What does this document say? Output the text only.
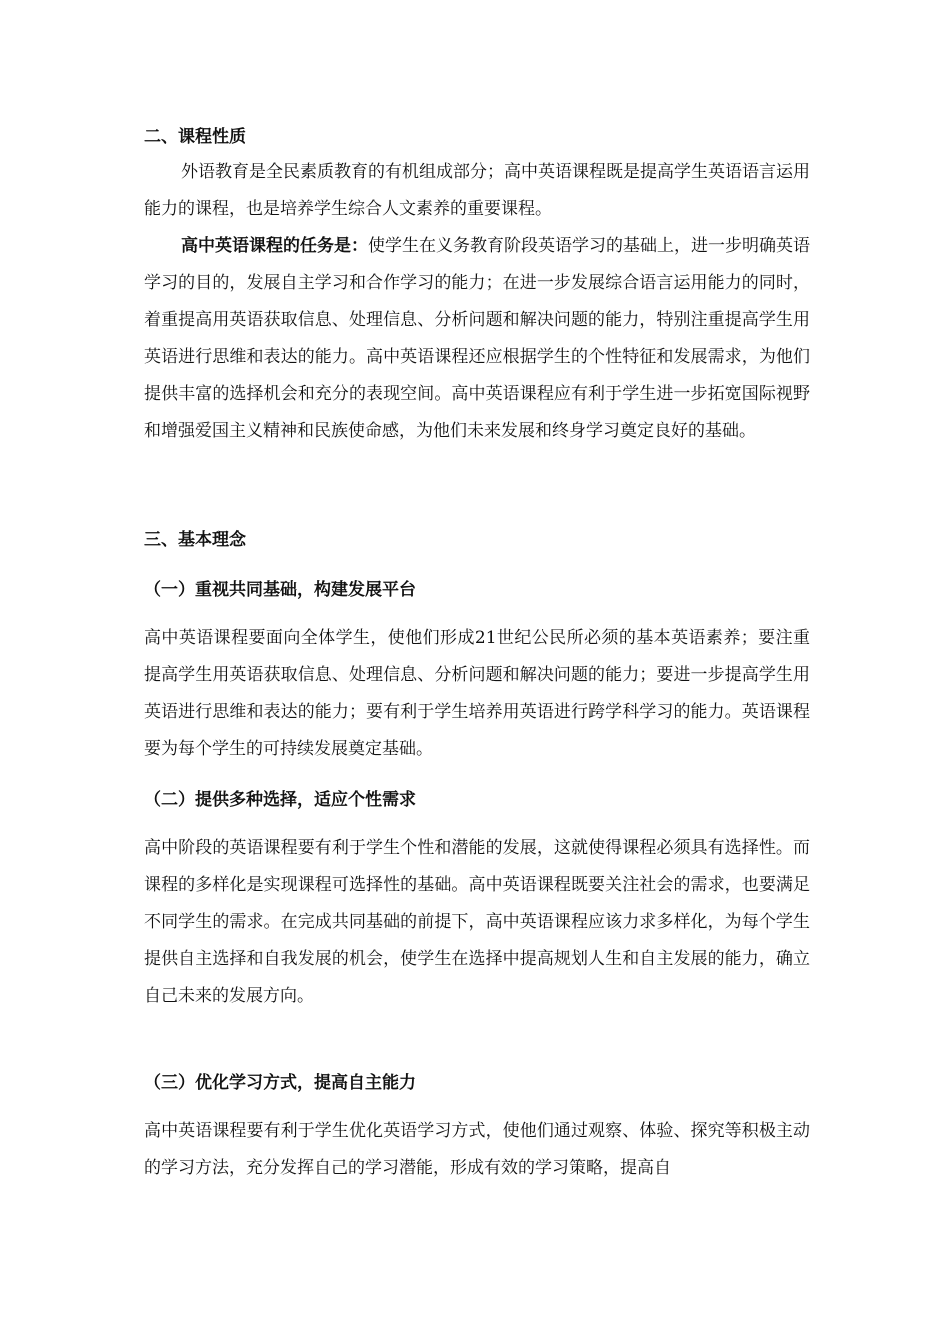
二、课程性质

外语教育是全民素质教育的有机组成部分；高中英语课程既是提高学生英语语言运用能力的课程，也是培养学生综合人文素养的重要课程。

高中英语课程的任务是：使学生在义务教育阶段英语学习的基础上，进一步明确英语学习的目的，发展自主学习和合作学习的能力；在进一步发展综合语言运用能力的同时，着重提高用英语获取信息、处理信息、分析问题和解决问题的能力，特别注重提高学生用英语进行思维和表达的能力。高中英语课程还应根据学生的个性特征和发展需求，为他们提供丰富的选择机会和充分的表现空间。高中英语课程应有利于学生进一步拓宽国际视野和增强爱国主义精神和民族使命感，为他们未来发展和终身学习奠定良好的基础。

三、基本理念
（一）重视共同基础，构建发展平台

高中英语课程要面向全体学生，使他们形成21世纪公民所必须的基本英语素养；要注重提高学生用英语获取信息、处理信息、分析问题和解决问题的能力；要进一步提高学生用英语进行思维和表达的能力；要有利于学生培养用英语进行跨学科学习的能力。英语课程要为每个学生的可持续发展奠定基础。

（二）提供多种选择，适应个性需求

高中阶段的英语课程要有利于学生个性和潜能的发展，这就使得课程必须具有选择性。而课程的多样化是实现课程可选择性的基础。高中英语课程既要关注社会的需求，也要满足不同学生的需求。在完成共同基础的前提下，高中英语课程应该力求多样化，为每个学生提供自主选择和自我发展的机会，使学生在选择中提高规划人生和自主发展的能力，确立自己未来的发展方向。

（三）优化学习方式，提高自主能力

高中英语课程要有利于学生优化英语学习方式，使他们通过观察、体验、探究等积极主动的学习方法，充分发挥自己的学习潜能，形成有效的学习策略，提高自
